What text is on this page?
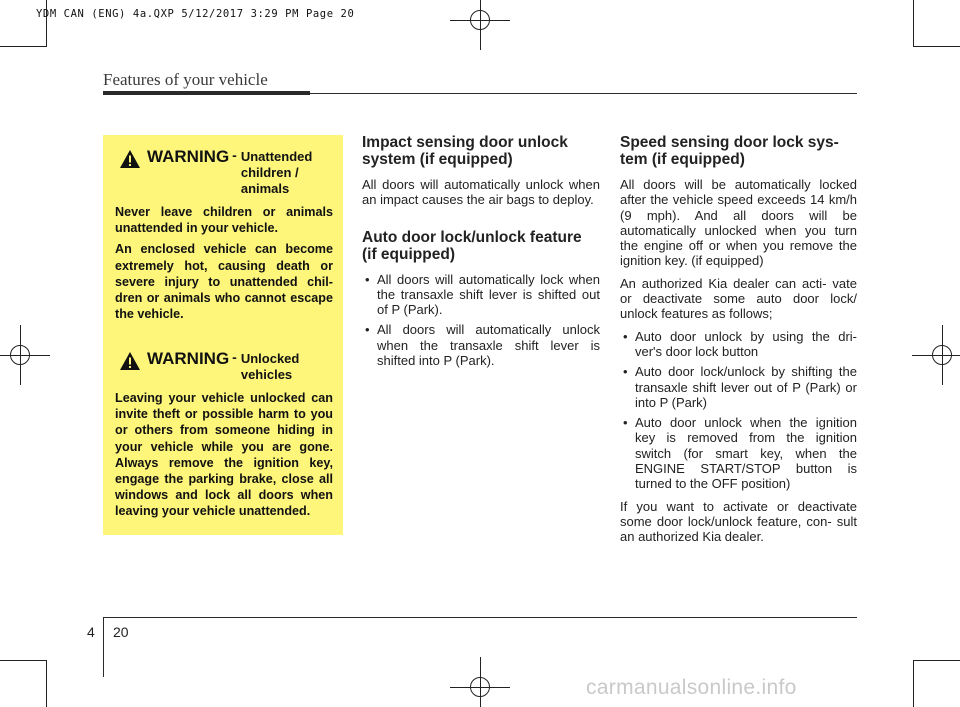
YDM CAN (ENG) 4a.QXP 5/12/2017 3:29 PM Page 20
Features of your vehicle
WARNING - Unattended children / animals

Never leave children or animals unattended in your vehicle.

An enclosed vehicle can become extremely hot, causing death or severe injury to unattended chil- dren or animals who cannot escape the vehicle.

WARNING - Unlocked vehicles

Leaving your vehicle unlocked can invite theft or possible harm to you or others from someone hiding in your vehicle while you are gone. Always remove the ignition key, engage the parking brake, close all windows and lock all doors when leaving your vehicle unattended.

Impact sensing door unlock system (if equipped)

All doors will automatically unlock when an impact causes the air bags to deploy.

Auto door lock/unlock feature (if equipped)
• All doors will automatically lock when the transaxle shift lever is shifted out of P (Park).
• All doors will automatically unlock when the transaxle shift lever is shifted into P (Park).
Speed sensing door lock sys- tem (if equipped)

All doors will be automatically locked after the vehicle speed exceeds 14 km/h (9 mph). And all doors will be automatically unlocked when you turn the engine off or when you remove the ignition key. (if equipped)

An authorized Kia dealer can acti- vate or deactivate some auto door lock/ unlock features as follows;

• Auto door unlock by using the dri- ver's door lock button
• Auto door lock/unlock by shifting the transaxle shift lever out of P (Park) or into P (Park)
• Auto door unlock when the ignition key is removed from the ignition switch (for smart key, when the ENGINE START/STOP button is turned to the OFF position)

If you want to activate or deactivate some door lock/unlock feature, con- sult an authorized Kia dealer.

4 20
carmanualsonline.info
